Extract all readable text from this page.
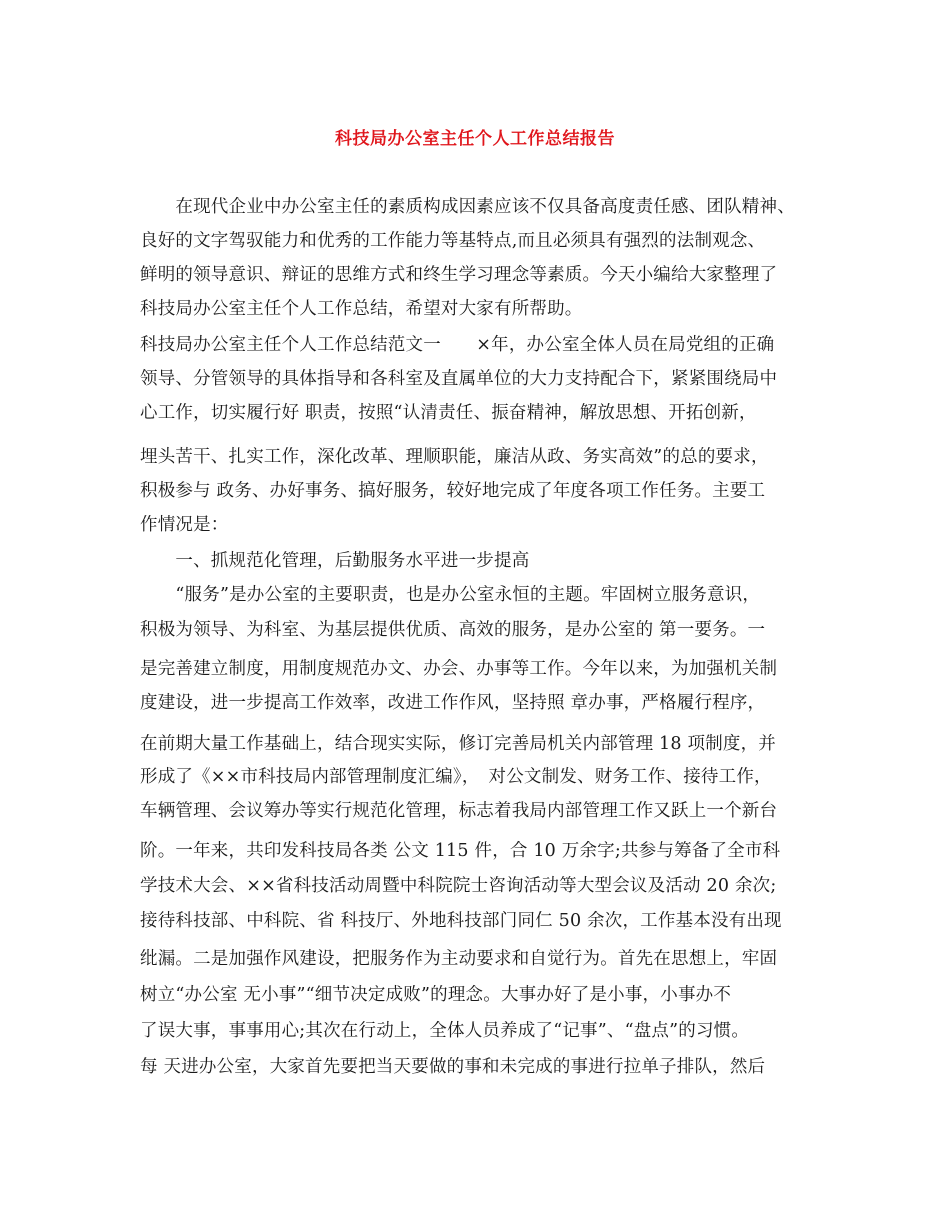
科技局办公室主任个人工作总结报告
　　在现代企业中办公室主任的素质构成因素应该不仅具备高度责任感、团队精神、
良好的文字驾驭能力和优秀的工作能力等基特点,而且必须具有强烈的法制观念、
鲜明的领导意识、辩证的思维方式和终生学习理念等素质。今天小编给大家整理了
科技局办公室主任个人工作总结，希望对大家有所帮助。
科技局办公室主任个人工作总结范文一　　×年，办公室全体人员在局党组的正确
领导、分管领导的具体指导和各科室及直属单位的大力支持配合下，紧紧围绕局中
心工作，切实履行好 职责，按照“认清责任、振奋精神，解放思想、开拓创新，
埋头苦干、扎实工作，深化改革、理顺职能，廉洁从政、务实高效”的总的要求，
积极参与 政务、办好事务、搞好服务，较好地完成了年度各项工作任务。主要工
作情况是：
　　一、抓规范化管理，后勤服务水平进一步提高
　　“服务”是办公室的主要职责，也是办公室永恒的主题。牢固树立服务意识，
积极为领导、为科室、为基层提供优质、高效的服务，是办公室的 第一要务。一
是完善建立制度，用制度规范办文、办会、办事等工作。今年以来，为加强机关制
度建设，进一步提高工作效率，改进工作作风，坚持照 章办事，严格履行程序，
在前期大量工作基础上，结合现实实际，修订完善局机关内部管理 18 项制度，并
形成了《××市科技局内部管理制度汇编》，　对公文制发、财务工作、接待工作，
车辆管理、会议筹办等实行规范化管理，标志着我局内部管理工作又跃上一个新台
阶。一年来，共印发科技局各类 公文 115 件，合 10 万余字;共参与筹备了全市科
学技术大会、××省科技活动周暨中科院院士咨询活动等大型会议及活动 20 余次;
接待科技部、中科院、省 科技厅、外地科技部门同仁 50 余次，工作基本没有出现
纰漏。二是加强作风建设，把服务作为主动要求和自觉行为。首先在思想上，牢固
树立“办公室 无小事”“细节决定成败”的理念。大事办好了是小事，小事办不
了误大事，事事用心;其次在行动上，全体人员养成了“记事”、“盘点”的习惯。
每 天进办公室，大家首先要把当天要做的事和未完成的事进行拉单子排队，然后
